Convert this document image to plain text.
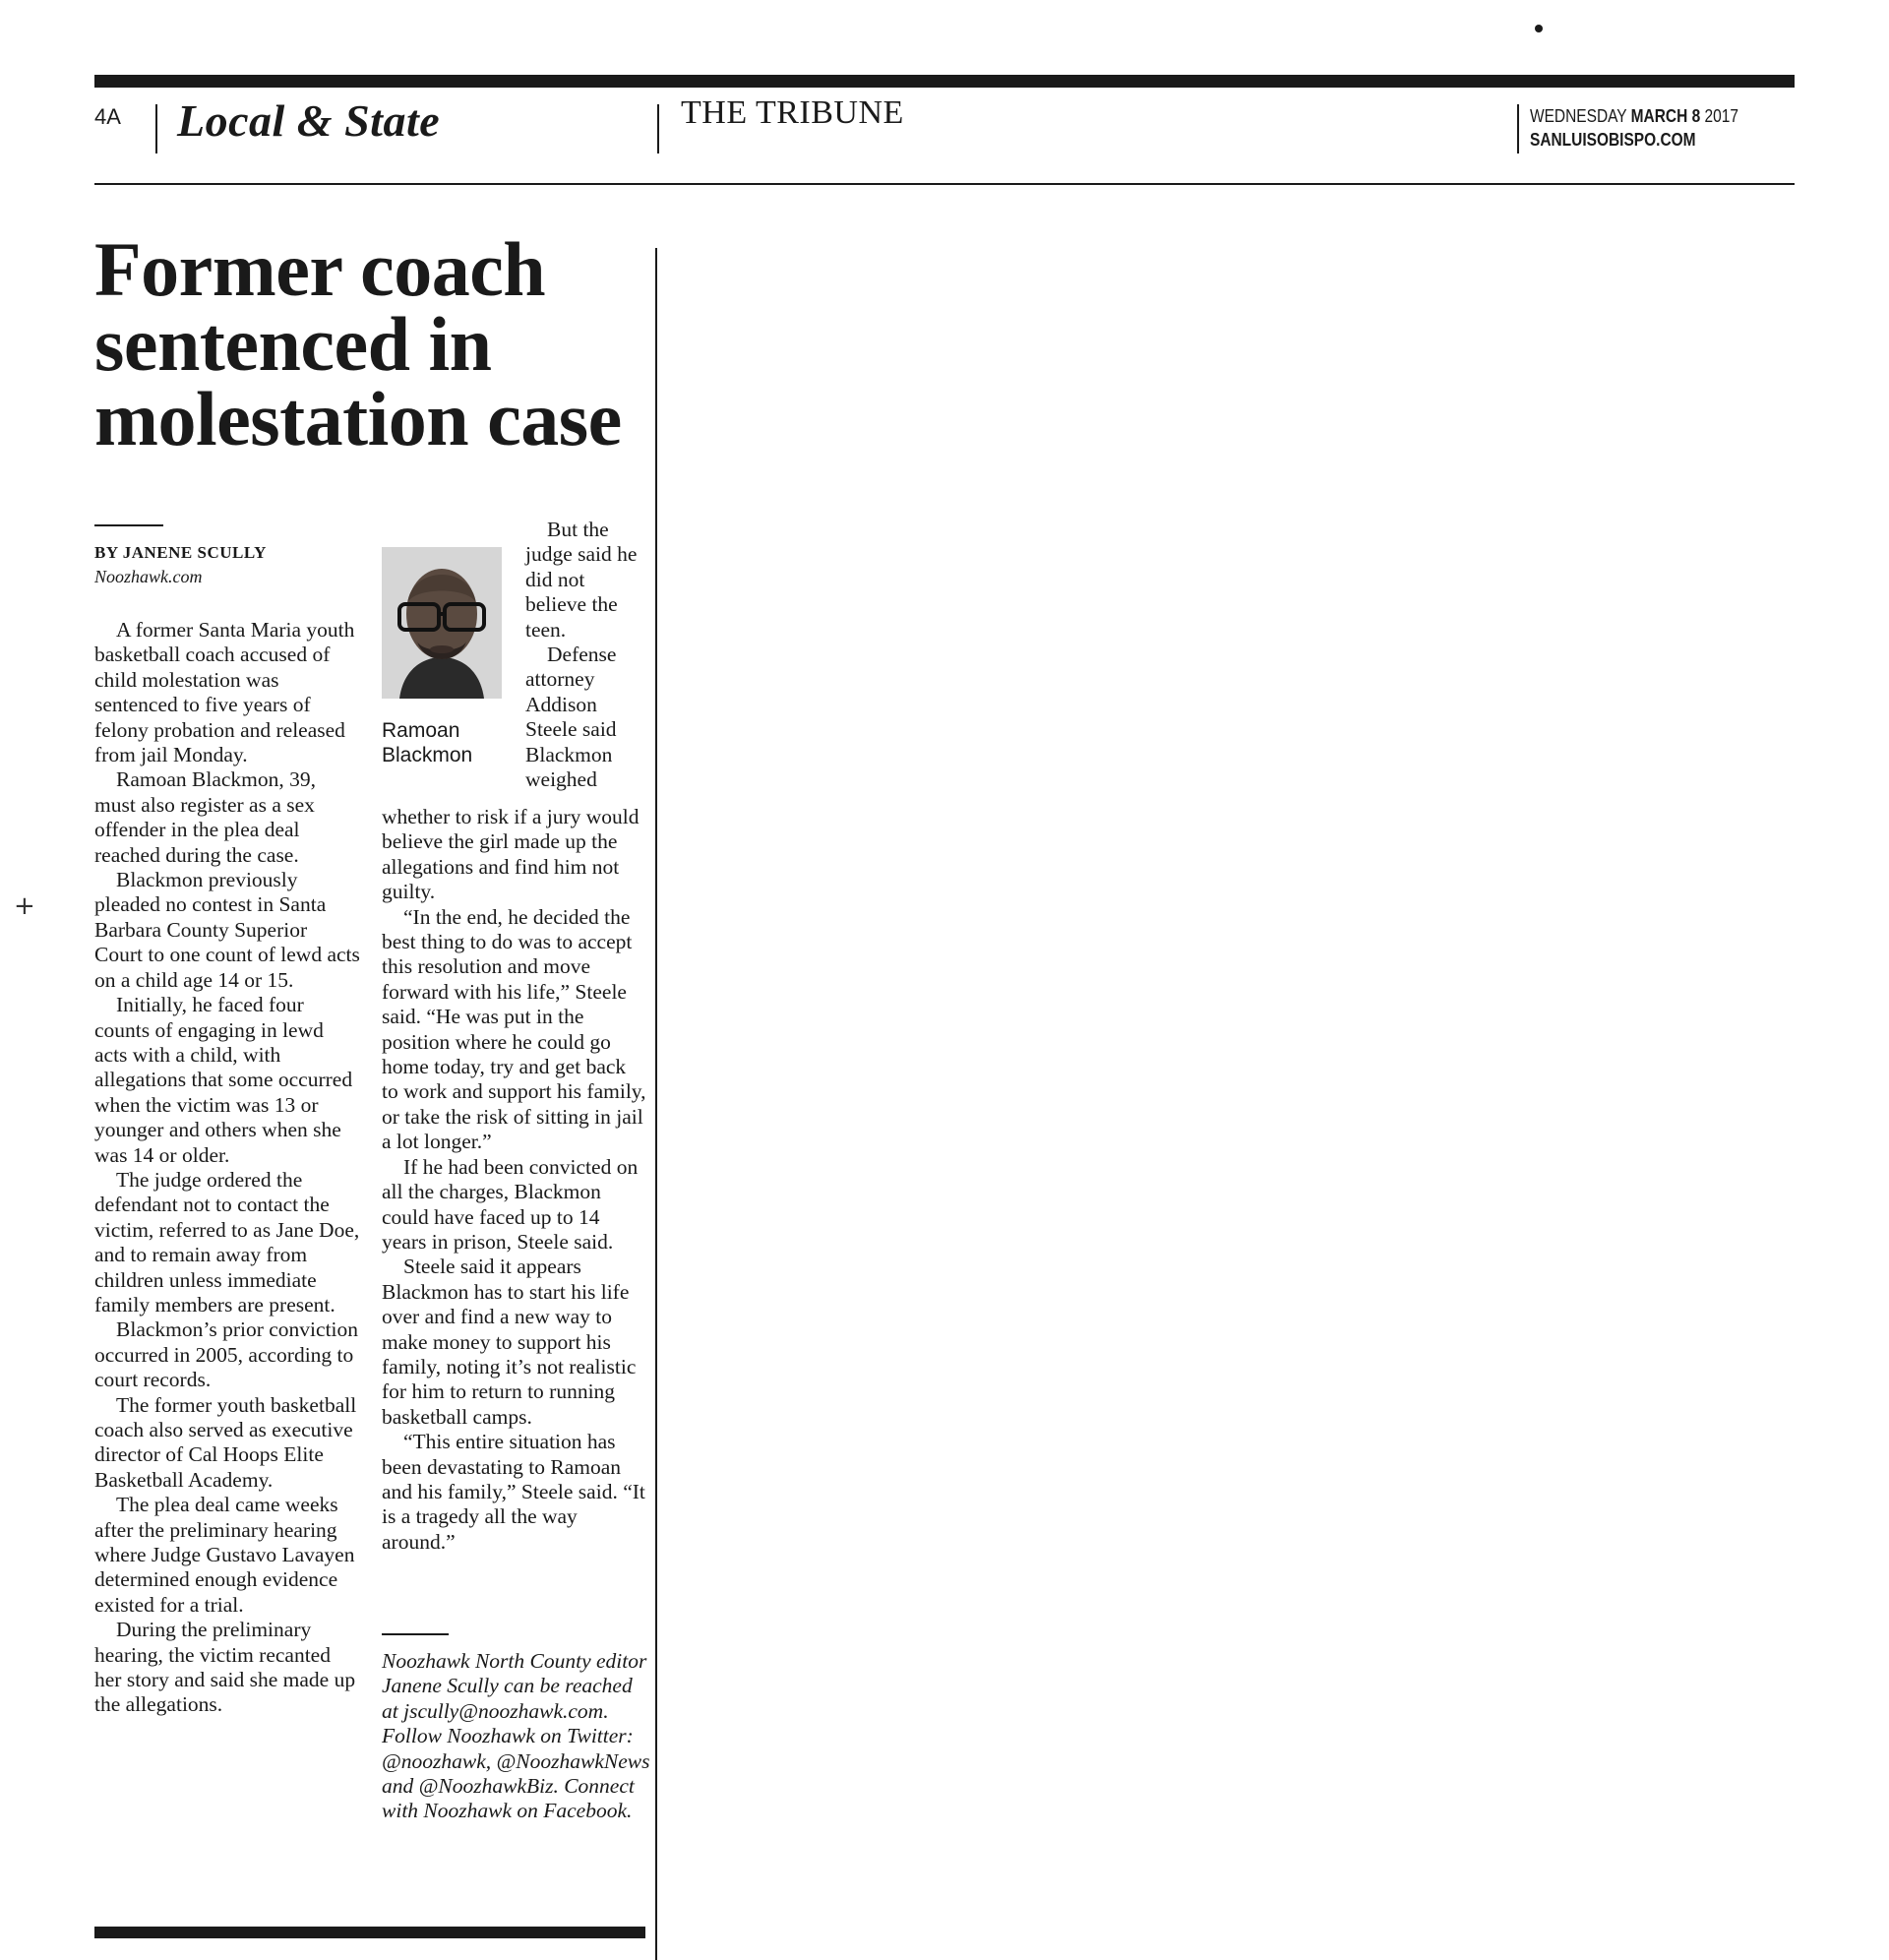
4A Local & State	THE TRIBUNE	WEDNESDAY MARCH 8 2017
SANLUISOBISPO.COM
Former coach
sentenced in
molestation case
BY JANENE SCULLY
Noozhawk.com

A former Santa Maria youth basketball coach accused of child molestation was sentenced to five years of felony probation and released from jail Monday.

Ramoan Blackmon, 39, must also register as a sex offender in the plea deal reached during the case.

Blackmon previously pleaded no contest in Santa Barbara County Superior Court to one count of lewd acts on a child age 14 or 15.

Initially, he faced four counts of engaging in lewd acts with a child, with allegations that some occurred when the victim was 13 or younger and others when she was 14 or older.

The judge ordered the defendant not to contact the victim, referred to as Jane Doe, and to remain away from children unless immediate family members are present.

Blackmon’s prior conviction occurred in 2005, according to court records.

The former youth basketball coach also served as executive director of Cal Hoops Elite Basketball Academy.

The plea deal came weeks after the preliminary hearing where Judge Gustavo Lavayen determined enough evidence existed for a trial.

During the preliminary hearing, the victim recanted her story and said she made up the allegations.

Ramoan
Blackmon

But the judge said he did not believe the teen.

Defense attorney Addison Steele said Blackmon weighed

whether to risk if a jury would believe the girl made up the allegations and find him not guilty.

“In the end, he decided the best thing to do was to accept this resolution and move forward with his life,” Steele said. “He was put in the position where he could go home today, try and get back to work and support his family, or take the risk of sitting in jail a lot longer.”

If he had been convicted on all the charges, Blackmon could have faced up to 14 years in prison, Steele said.

Steele said it appears Blackmon has to start his life over and find a new way to make money to support his family, noting it’s not realistic for him to return to running basketball camps.

“This entire situation has been devastating to Ramoan and his family,” Steele said. “It is a tragedy all the way around.”

Noozhawk North County editor Janene Scully can be reached at jscully@noozhawk.com. Follow Noozhawk on Twitter: @noozhawk, @NoozhawkNews and @NoozhawkBiz. Connect with Noozhawk on Facebook.
+
